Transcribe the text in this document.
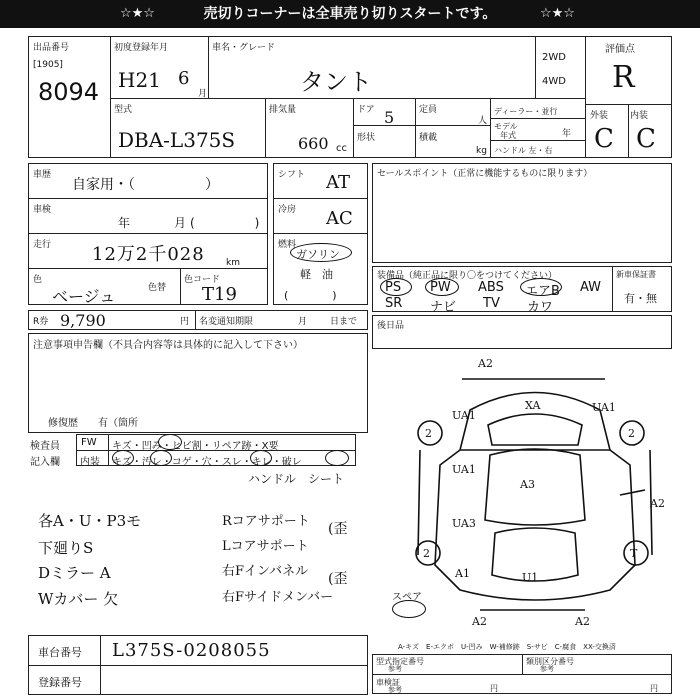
☆★☆	売切りコーナーは全車売り切りスタートです。	☆★☆
出品番号
[1905]
8094
初度登録年月
H21 6
月
車名・グレード
タント
2WD
4WD
型式
DBA-L375S
排気量
660 cc
ドア 5
形状
定員
人
積載
kg
ディーラー・並行
モデル
年式	年
ハンドル 左・右
評価点
R
外装 内装
C C
車歴
自家用・（　　　　　）
車検
年	月 (　　　　　)
走行 12万2千028 km
色
ベージュ	色替
色コード
T19
シフト AT
冷房 AC
燃料
ガソリン
軽　油
(　　　　)
R券 9,790	円 名変通知期限	月	日まで
注意事項申告欄（不具合内容等は具体的に記入して下さい）
修復歴　　有（箇所
検査員
記入欄
FW キズ・凹み・ヒビ割・リペア跡・X要
内装 キズ・汚レ・コゲ・穴・スレ・キレ・破レ
ハンドル　シート
各A・U・P3モ
下廻りS
Dミラー A
Wカバー 欠
Rコアサポート
Lコアサポート
右Fインバネル
右Fサイドメンバー
(歪
(歪
車台番号 L375S-0208055
登録番号
セールスポイント（正常に機能するものに限ります）
装備品（純正品に限り〇をつけてください）
PS PW ABS エアB AW
SR ナビ TV カワ
新車保証書
有・無
後日品
A2
UA1
XA	UA1
2	2
UA1
A3
UA3
A2
2
A1	U1
A2	A2
T
スペア
A-キズ　E-エクボ　U-凹み　W-補修跡　S-サビ　C-腐食　XX-交換済
型式指定番号
参考
類別区分番号
参考
車検証
参考	円	円
